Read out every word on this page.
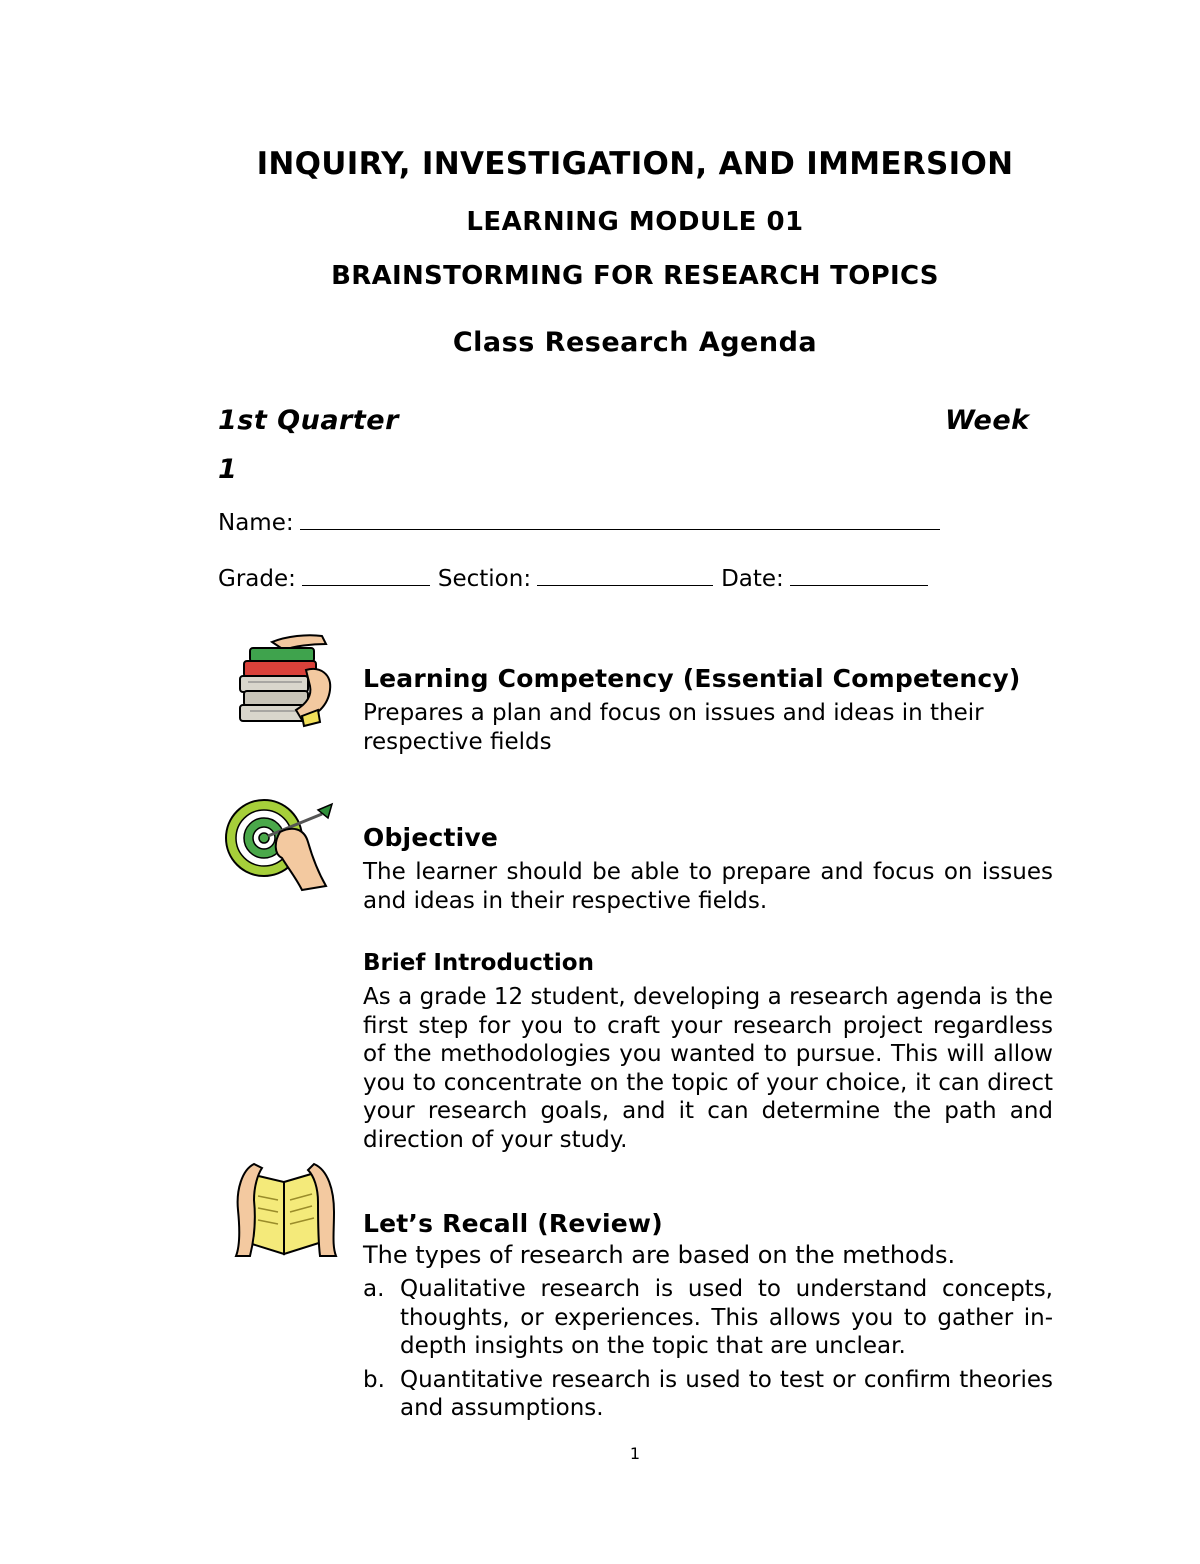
INQUIRY, INVESTIGATION, AND IMMERSION
LEARNING MODULE 01
BRAINSTORMING FOR RESEARCH TOPICS
Class Research Agenda
1st Quarter	Week
1
Name:
Grade:	Section:	Date:
Learning Competency (Essential Competency)
Prepares a plan and focus on issues and ideas in their respective fields
Objective
The learner should be able to prepare and focus on issues and ideas in their respective fields.
Brief Introduction
As a grade 12 student, developing a research agenda is the first step for you to craft your research project regardless of the methodologies you wanted to pursue. This will allow you to concentrate on the topic of your choice, it can direct your research goals, and it can determine the path and direction of your study.
Let’s Recall (Review)
The types of research are based on the methods.
a. Qualitative research is used to understand concepts, thoughts, or experiences. This allows you to gather in-depth insights on the topic that are unclear.
b. Quantitative research is used to test or confirm theories and assumptions.
1
